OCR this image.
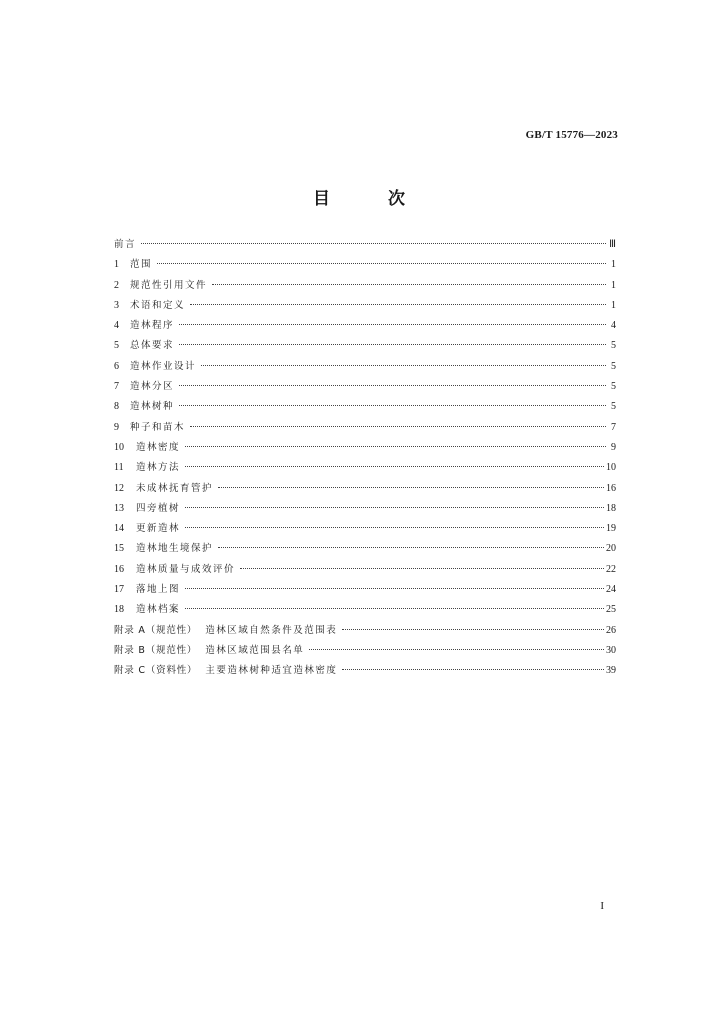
GB/T 15776—2023
目 次
前言	Ⅲ
1	范围	1
2	规范性引用文件	1
3	术语和定义	1
4	造林程序	4
5	总体要求	5
6	造林作业设计	5
7	造林分区	5
8	造林树种	5
9	种子和苗木	7
10	造林密度	9
11	造林方法	10
12	未成林抚育管护	16
13	四旁植树	18
14	更新造林	19
15	造林地生境保护	20
16	造林质量与成效评价	22
17	落地上图	24
18	造林档案	25
附录 A（规范性） 造林区域自然条件及范围表	26
附录 B（规范性） 造林区域范围县名单	30
附录 C（资料性） 主要造林树种适宜造林密度	39
I
